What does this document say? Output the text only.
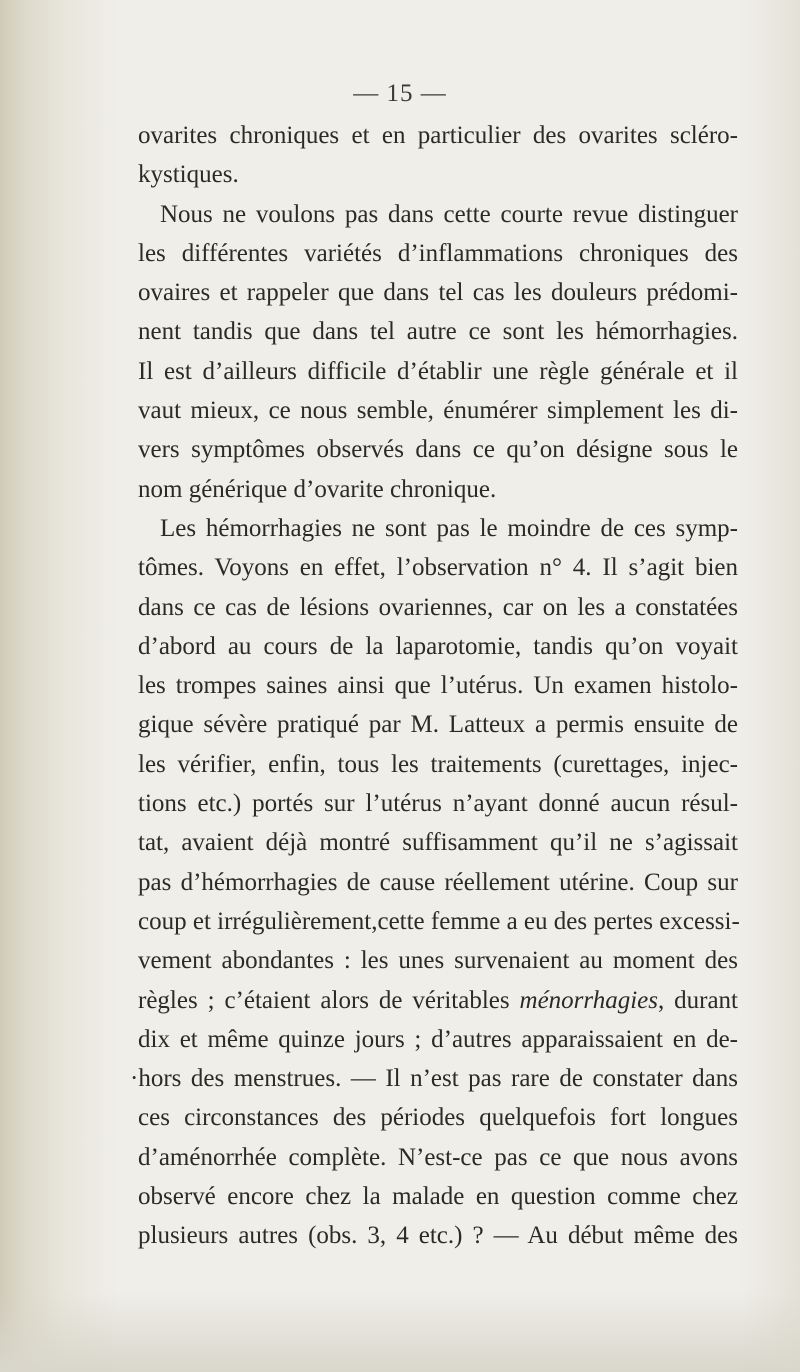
— 15 —
ovarites chroniques et en particulier des ovarites scléro-
kystiques.
Nous ne voulons pas dans cette courte revue distinguer
les différentes variétés d’inflammations chroniques des
ovaires et rappeler que dans tel cas les douleurs prédomi-
nent tandis que dans tel autre ce sont les hémorrhagies.
Il est d’ailleurs difficile d’établir une règle générale et il
vaut mieux, ce nous semble, énumérer simplement les di-
vers symptômes observés dans ce qu’on désigne sous le
nom générique d’ovarite chronique.
Les hémorrhagies ne sont pas le moindre de ces symp-
tômes. Voyons en effet, l’observation n° 4. Il s’agit bien
dans ce cas de lésions ovariennes, car on les a constatées
d’abord au cours de la laparotomie, tandis qu’on voyait
les trompes saines ainsi que l’utérus. Un examen histolo-
gique sévère pratiqué par M. Latteux a permis ensuite de
les vérifier, enfin, tous les traitements (curettages, injec-
tions etc.) portés sur l’utérus n’ayant donné aucun résul-
tat, avaient déjà montré suffisamment qu’il ne s’agissait
pas d’hémorrhagies de cause réellement utérine. Coup sur
coup et irrégulièrement,cette femme a eu des pertes excessi-
vement abondantes : les unes survenaient au moment des
règles ; c’étaient alors de véritables ménorrhagies, durant
dix et même quinze jours ; d’autres apparaissaient en de-
·hors des menstrues. — Il n’est pas rare de constater dans
ces circonstances des périodes quelquefois fort longues
d’aménorrhée complète. N’est-ce pas ce que nous avons
observé encore chez la malade en question comme chez
plusieurs autres (obs. 3, 4 etc.) ? — Au début même des
